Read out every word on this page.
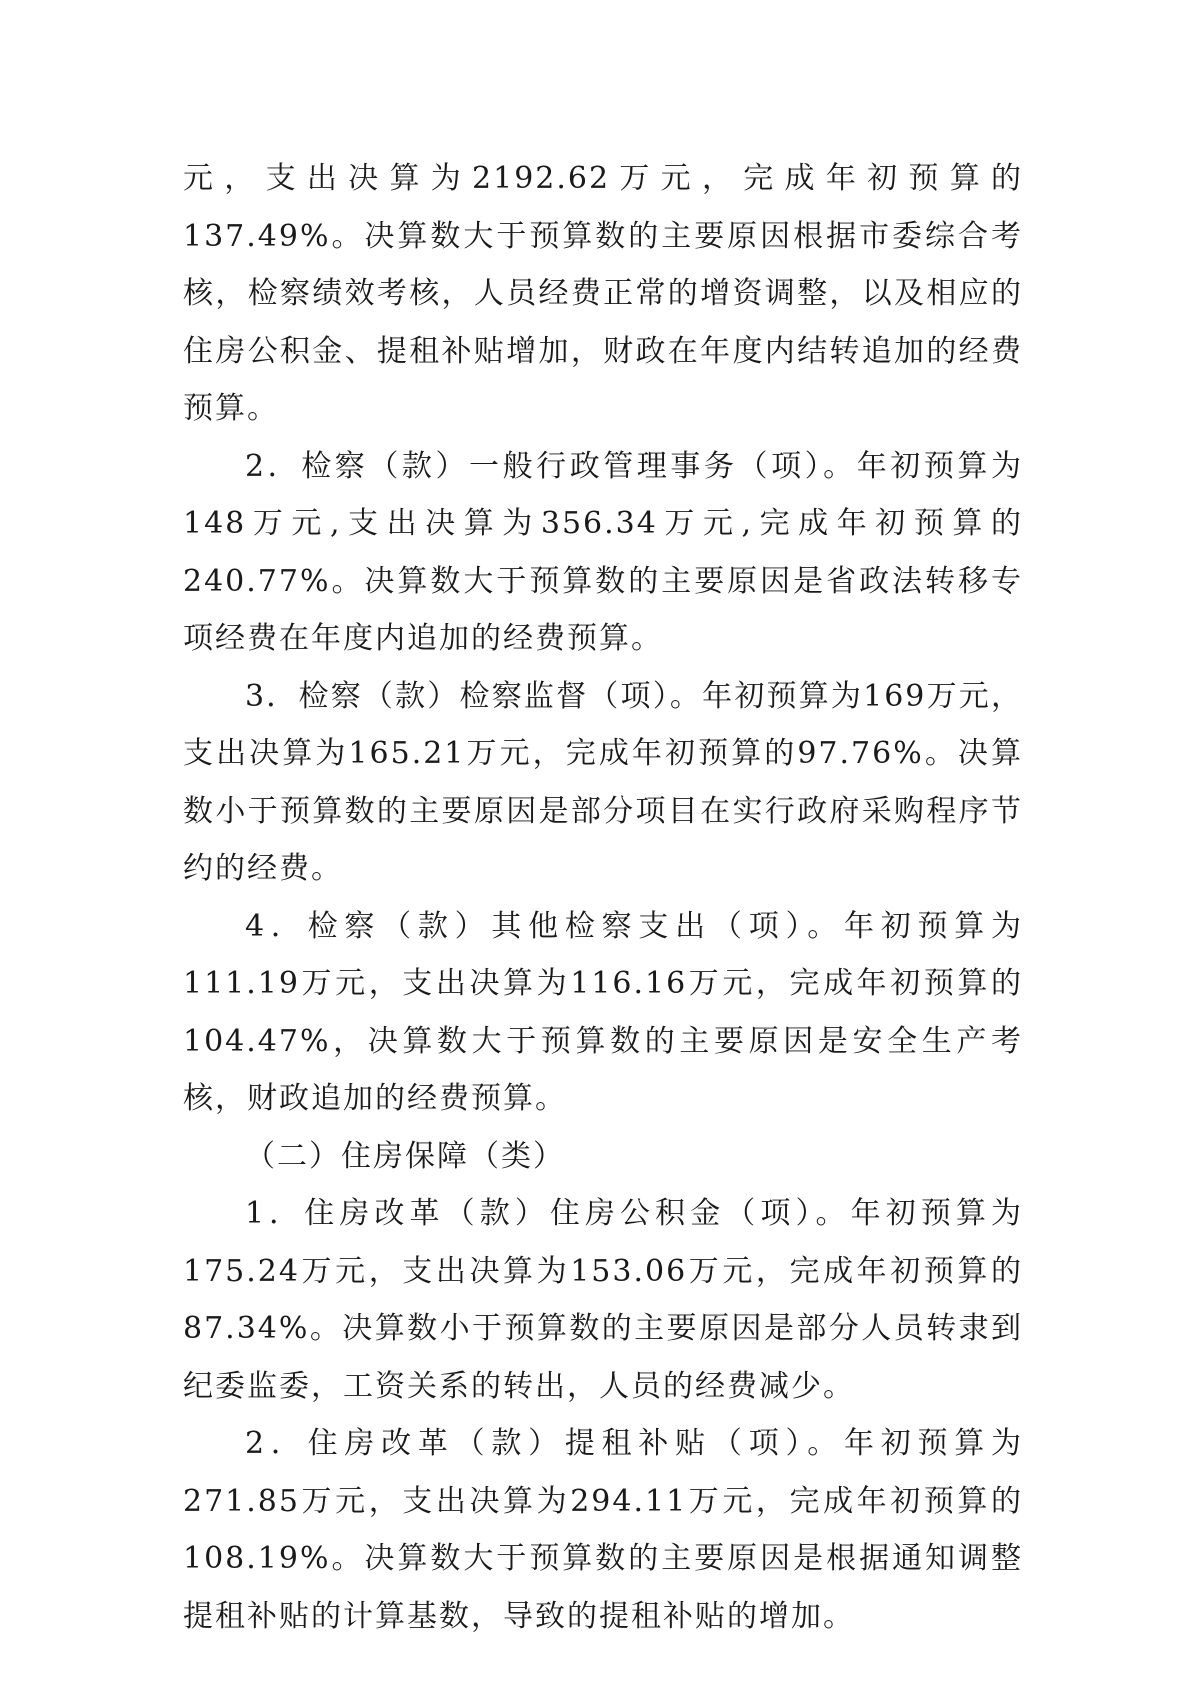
元，支出决算为2192.62万元，完成年初预算的137.49%。决算数大于预算数的主要原因根据市委综合考核，检察绩效考核，人员经费正常的增资调整，以及相应的住房公积金、提租补贴增加，财政在年度内结转追加的经费预算。

2．检察（款）一般行政管理事务（项）。年初预算为148万元,支出决算为356.34万元,完成年初预算的240.77%。决算数大于预算数的主要原因是省政法转移专项经费在年度内追加的经费预算。

3．检察（款）检察监督（项）。年初预算为169万元，支出决算为165.21万元，完成年初预算的97.76%。决算数小于预算数的主要原因是部分项目在实行政府采购程序节约的经费。

4．检察（款）其他检察支出（项）。年初预算为111.19万元，支出决算为116.16万元，完成年初预算的104.47%，决算数大于预算数的主要原因是安全生产考核，财政追加的经费预算。

（二）住房保障（类）

1．住房改革（款）住房公积金（项）。年初预算为175.24万元，支出决算为153.06万元，完成年初预算的87.34%。决算数小于预算数的主要原因是部分人员转隶到纪委监委，工资关系的转出，人员的经费减少。

2．住房改革（款）提租补贴（项）。年初预算为271.85万元，支出决算为294.11万元，完成年初预算的108.19%。决算数大于预算数的主要原因是根据通知调整提租补贴的计算基数，导致的提租补贴的增加。
